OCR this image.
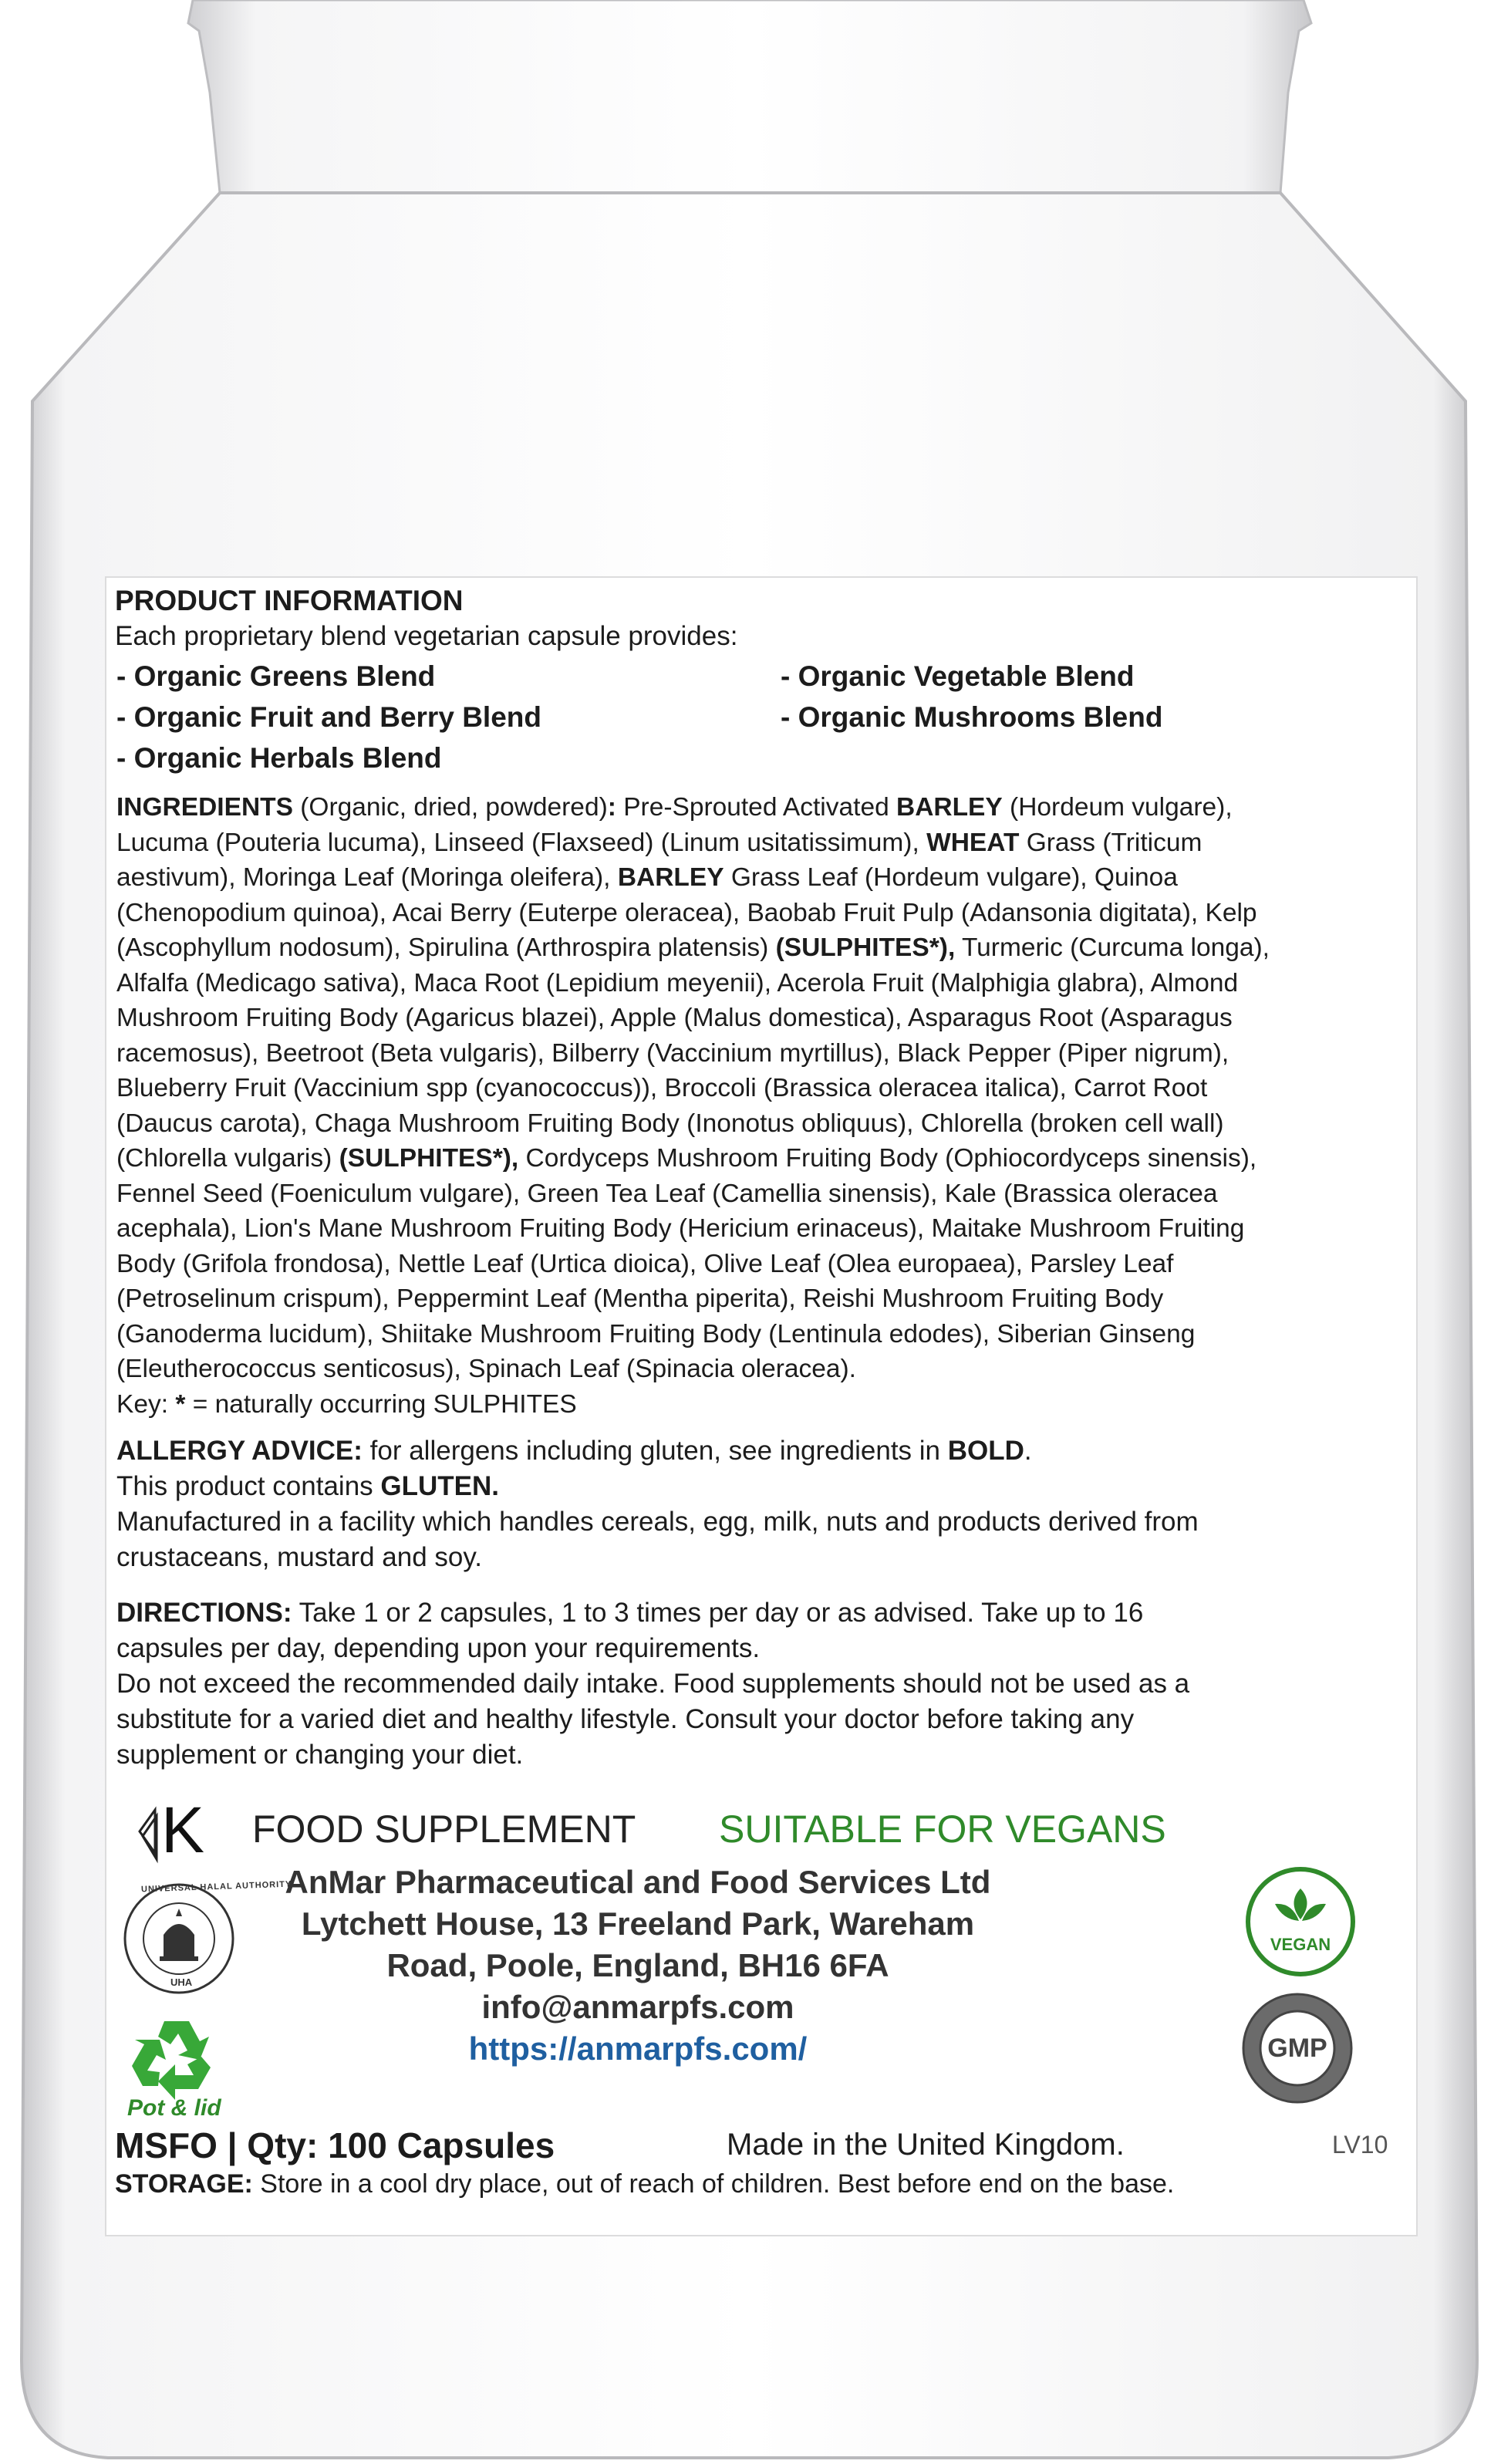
PRODUCT INFORMATION
Each proprietary blend vegetarian capsule provides:
- Organic Greens Blend
- Organic Fruit and Berry Blend
- Organic Herbals Blend
- Organic Vegetable Blend
- Organic Mushrooms Blend
INGREDIENTS (Organic, dried, powdered): Pre-Sprouted Activated BARLEY (Hordeum vulgare),
Lucuma (Pouteria lucuma), Linseed (Flaxseed) (Linum usitatissimum), WHEAT Grass (Triticum
aestivum), Moringa Leaf (Moringa oleifera), BARLEY Grass Leaf (Hordeum vulgare), Quinoa
(Chenopodium quinoa), Acai Berry (Euterpe oleracea), Baobab Fruit Pulp (Adansonia digitata), Kelp
(Ascophyllum nodosum), Spirulina (Arthrospira platensis) (SULPHITES*), Turmeric (Curcuma longa),
Alfalfa (Medicago sativa), Maca Root (Lepidium meyenii), Acerola Fruit (Malphigia glabra), Almond
Mushroom Fruiting Body (Agaricus blazei), Apple (Malus domestica), Asparagus Root (Asparagus
racemosus), Beetroot (Beta vulgaris), Bilberry (Vaccinium myrtillus), Black Pepper (Piper nigrum),
Blueberry Fruit (Vaccinium spp (cyanococcus)), Broccoli (Brassica oleracea italica), Carrot Root
(Daucus carota), Chaga Mushroom Fruiting Body (Inonotus obliquus), Chlorella (broken cell wall)
(Chlorella vulgaris) (SULPHITES*), Cordyceps Mushroom Fruiting Body (Ophiocordyceps sinensis),
Fennel Seed (Foeniculum vulgare), Green Tea Leaf (Camellia sinensis), Kale (Brassica oleracea
acephala), Lion's Mane Mushroom Fruiting Body (Hericium erinaceus), Maitake Mushroom Fruiting
Body (Grifola frondosa), Nettle Leaf (Urtica dioica), Olive Leaf (Olea europaea), Parsley Leaf
(Petroselinum crispum), Peppermint Leaf (Mentha piperita), Reishi Mushroom Fruiting Body
(Ganoderma lucidum), Shiitake Mushroom Fruiting Body (Lentinula edodes), Siberian Ginseng
(Eleutherococcus senticosus), Spinach Leaf (Spinacia oleracea).
Key: * = naturally occurring SULPHITES
ALLERGY ADVICE: for allergens including gluten, see ingredients in BOLD.
This product contains GLUTEN.
Manufactured in a facility which handles cereals, egg, milk, nuts and products derived from
crustaceans, mustard and soy.
DIRECTIONS: Take 1 or 2 capsules, 1 to 3 times per day or as advised. Take up to 16
capsules per day, depending upon your requirements.
Do not exceed the recommended daily intake. Food supplements should not be used as a
substitute for a varied diet and healthy lifestyle. Consult your doctor before taking any
supplement or changing your diet.
FOOD SUPPLEMENT SUITABLE FOR VEGANS
K
UNIVERSAL HALAL AUTHORITY
UHA
Pot & lid
AnMar Pharmaceutical and Food Services Ltd
Lytchett House, 13 Freeland Park, Wareham
Road, Poole, England, BH16 6FA
info@anmarpfs.com
https://anmarpfs.com/
VEGAN
GMP
MSFO | Qty: 100 Capsules	Made in the United Kingdom.	LV10
STORAGE: Store in a cool dry place, out of reach of children. Best before end on the base.
